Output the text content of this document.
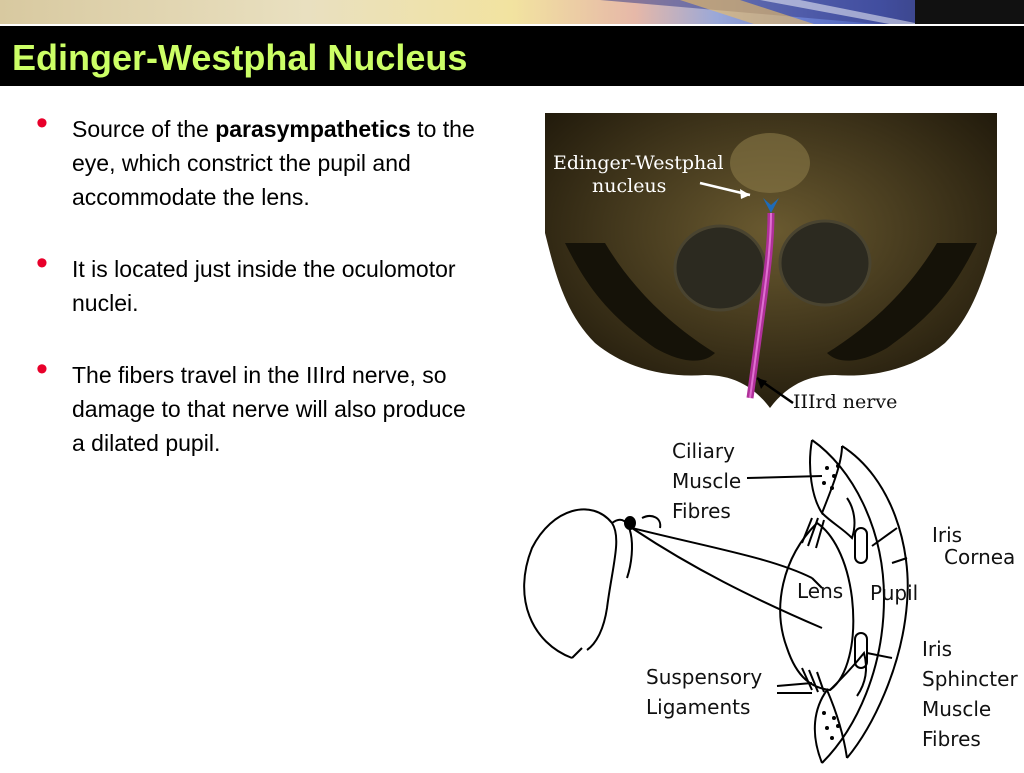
Edinger-Westphal Nucleus
• Source of the parasympathetics to the eye, which constrict the pupil and accommodate the lens.
• It is located just inside the oculomotor nuclei.
• The fibers travel in the IIIrd nerve, so damage to that nerve will also produce a dilated pupil.
Edinger-Westphal
nucleus
IIIrd nerve
Ciliary
Muscle
Fibres
Iris
Cornea
Lens Pupil
Suspensory
Ligaments
Iris
Sphincter
Muscle
Fibres
